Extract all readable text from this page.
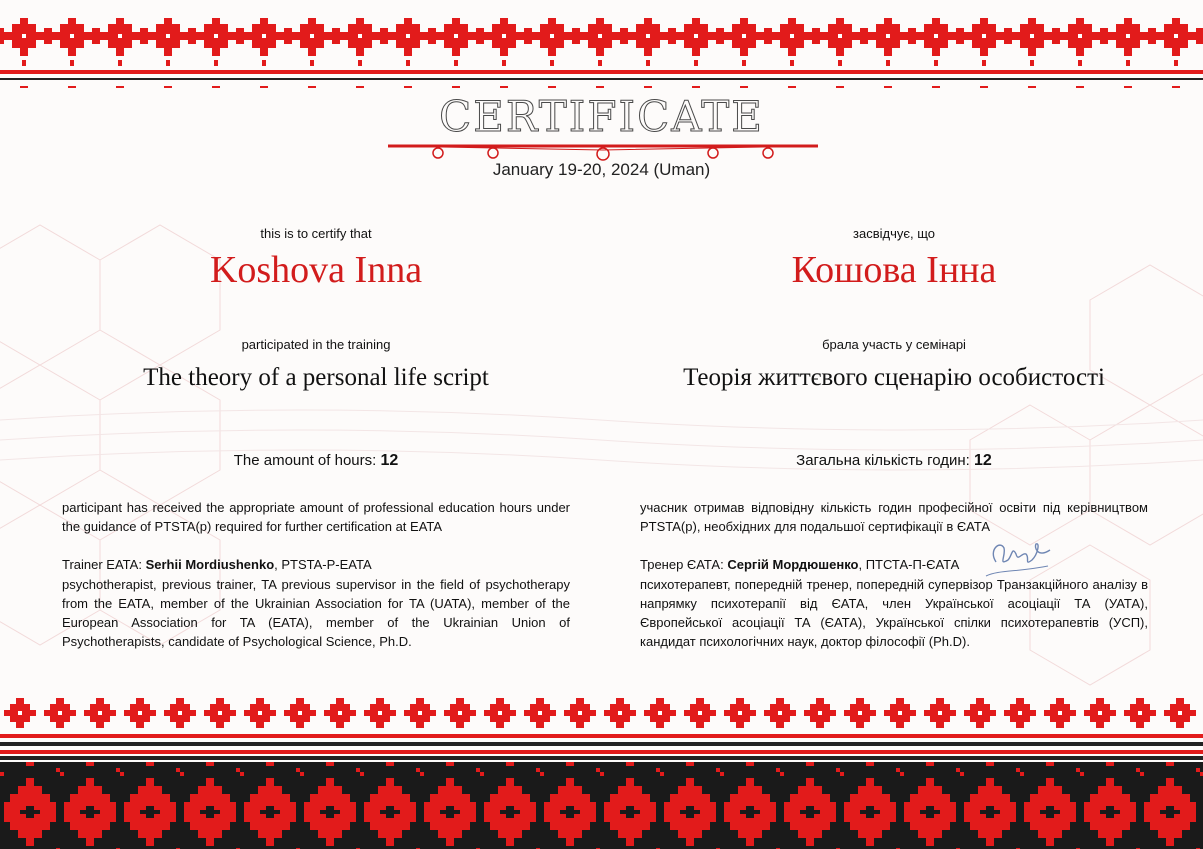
CERTIFICATE
January 19-20, 2024 (Uman)
this is to certify that
Koshova Inna
participated in the training
The theory of a personal life script
The amount of hours: 12
participant has received the appropriate amount of professional education hours under the guidance of PTSTA(p) required for further certification at EATA
Trainer EATA: Serhii Mordiushenko, PTSTA-P-EATA
psychotherapist, previous trainer, TA previous supervisor in the field of psychotherapy from the EATA, member of the Ukrainian Association for TA (UATA), member of the European Association for TA (EATA), member of the Ukrainian Union of Psychotherapists, candidate of Psychological Science, Ph.D.
засвідчує, що
Кошова Інна
брала участь у семінарі
Теорія життєвого сценарію особистості
Загальна кількість годин: 12
учасник отримав відповідну кількість годин професійної освіти під керівництвом PTSTA(p), необхідних для подальшої сертифікації в ЄАТА
Тренер ЄАТА: Сергій Мордюшенко, ПТСТА-П-ЄАТА
психотерапевт, попередній тренер, попередній супервізор Транзакційного аналізу в напрямку психотерапії від ЄАТА, член Української асоціації ТА (УАТА), Європейської асоціації ТА (ЄАТА), Української спілки психотерапевтів (УСП), кандидат психологічних наук, доктор філософії (Ph.D).
